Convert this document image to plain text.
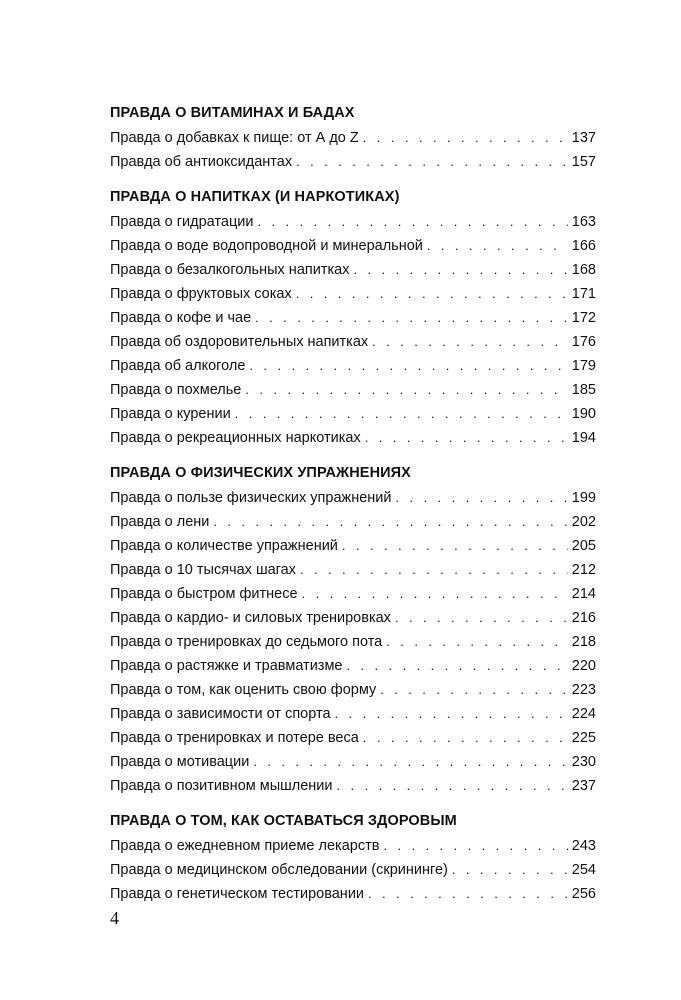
ПРАВДА О ВИТАМИНАХ И БАДАХ
Правда о добавках к пище: от А до Z . . .	137
Правда об антиоксидантах . . .	157
ПРАВДА О НАПИТКАХ (И НАРКОТИКАХ)
Правда о гидратации . . .	163
Правда о воде водопроводной и минеральной . . .	166
Правда о безалкогольных напитках . . .	168
Правда о фруктовых соках . . .	171
Правда о кофе и чае . . .	172
Правда об оздоровительных напитках . . .	176
Правда об алкоголе . . .	179
Правда о похмелье . . .	185
Правда о курении . . .	190
Правда о рекреационных наркотиках . . .	194
ПРАВДА О ФИЗИЧЕСКИХ УПРАЖНЕНИЯХ
Правда о пользе физических упражнений . . .	199
Правда о лени . . .	202
Правда о количестве упражнений . . .	205
Правда о 10 тысячах шагах . . .	212
Правда о быстром фитнесе . . .	214
Правда о кардио- и силовых тренировках . . .	216
Правда о тренировках до седьмого пота . . .	218
Правда о растяжке и травматизме . . .	220
Правда о том, как оценить свою форму . . .	223
Правда о зависимости от спорта . . .	224
Правда о тренировках и потере веса . . .	225
Правда о мотивации . . .	230
Правда о позитивном мышлении . . .	237
ПРАВДА О ТОМ, КАК ОСТАВАТЬСЯ ЗДОРОВЫМ
Правда о ежедневном приеме лекарств . . .	243
Правда о медицинском обследовании (скрининге) . . .	254
Правда о генетическом тестировании . . .	256
4
